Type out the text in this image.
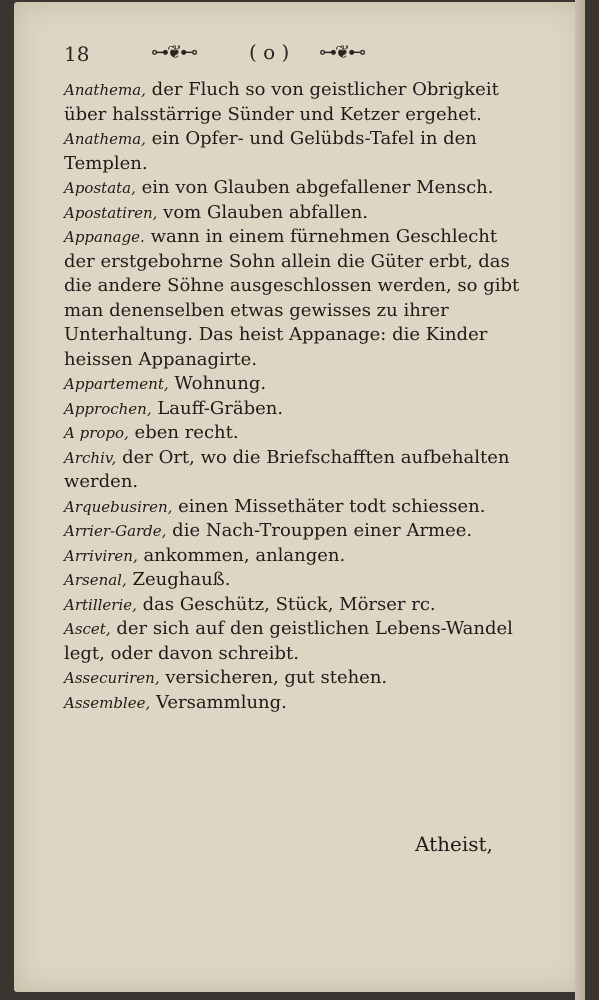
18	⊶❦⊷	( o ) ⊶❦⊷

Anathema, der Fluch so von geistlicher Obrigkeit über halsstärrige Sünder und Ketzer ergehet.

Anathema, ein Opfer- und Gelübds-Tafel in den Templen.

Apostata, ein von Glauben abgefallener Mensch.

Apostatiren, vom Glauben abfallen.

Appanage. wann in einem fürnehmen Geschlecht der erstgebohrne Sohn allein die Güter erbt, das die andere Söhne ausgeschlossen werden, so gibt man denenselben etwas gewisses zu ihrer Unterhaltung. Das heist Appanage: die Kinder heissen Appanagirte.

Appartement, Wohnung.

Approchen, Lauff-Gräben.

A propo, eben recht.

Archiv, der Ort, wo die Briefschafften aufbehalten werden.

Arquebusiren, einen Missethäter todt schiessen.

Arrier-Garde, die Nach-Trouppen einer Armee.

Arriviren, ankommen, anlangen.

Arsenal, Zeughauß.

Artillerie, das Geschütz, Stück, Mörser rc.

Ascet, der sich auf den geistlichen Lebens-Wandel legt, oder davon schreibt.

Assecuriren, versicheren, gut stehen.

Assemblee, Versammlung.

Atheist,
